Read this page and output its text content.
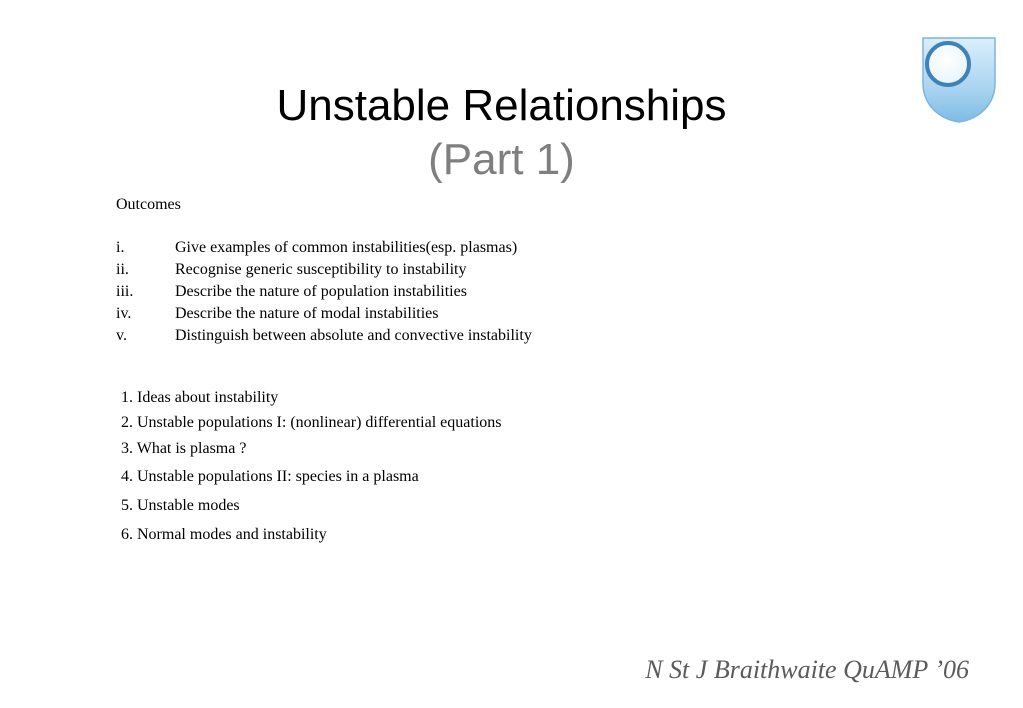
Unstable Relationships
(Part 1)
Outcomes
i.	Give examples of common instabilities(esp. plasmas)
ii.	Recognise generic susceptibility to instability
iii.	Describe the nature of population instabilities
iv.	Describe the nature of modal instabilities
v.	Distinguish between absolute and convective instability
1. Ideas about instability
2. Unstable populations I: (nonlinear) differential equations
3. What is plasma ?
4. Unstable populations II: species in a plasma
5. Unstable modes
6. Normal modes and instability
N St J Braithwaite QuAMP ’06
